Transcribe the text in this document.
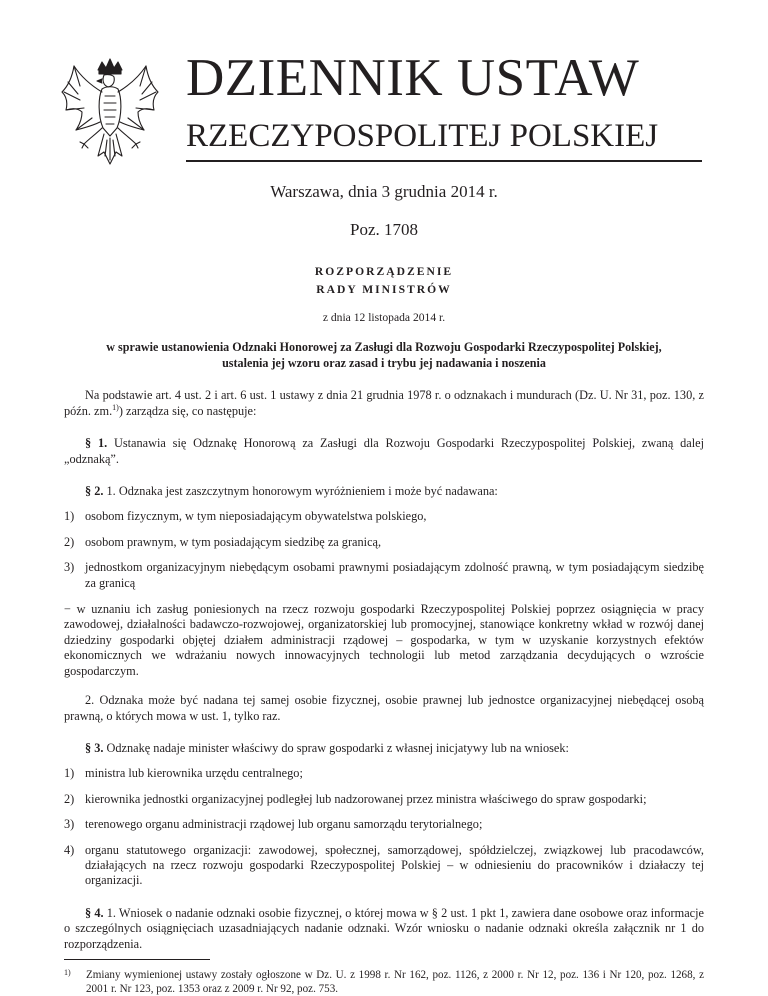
DZIENNIK USTAW
RZECZYPOSPOLITEJ POLSKIEJ
Warszawa, dnia 3 grudnia 2014 r.
Poz. 1708
ROZPORZĄDZENIE
RADY MINISTRÓW
z dnia 12 listopada 2014 r.
w sprawie ustanowienia Odznaki Honorowej za Zasługi dla Rozwoju Gospodarki Rzeczypospolitej Polskiej,
ustalenia jej wzoru oraz zasad i trybu jej nadawania i noszenia

Na podstawie art. 4 ust. 2 i art. 6 ust. 1 ustawy z dnia 21 grudnia 1978 r. o odznakach i mundurach (Dz. U. Nr 31, poz. 130, z późn. zm.$^{1)}$) zarządza się, co następuje:

§ 1. Ustanawia się Odznakę Honorową za Zasługi dla Rozwoju Gospodarki Rzeczypospolitej Polskiej, zwaną dalej „odznaką”.

§ 2. 1. Odznaka jest zaszczytnym honorowym wyróżnieniem i może być nadawana:

1) osobom fizycznym, w tym nieposiadającym obywatelstwa polskiego,
2) osobom prawnym, w tym posiadającym siedzibę za granicą,
3) jednostkom organizacyjnym niebędącym osobami prawnymi posiadającym zdolność prawną, w tym posiadającym siedzibę za granicą

− w uznaniu ich zasług poniesionych na rzecz rozwoju gospodarki Rzeczypospolitej Polskiej poprzez osiągnięcia w pracy zawodowej, działalności badawczo-rozwojowej, organizatorskiej lub promocyjnej, stanowiące konkretny wkład w rozwój danej dziedziny gospodarki objętej działem administracji rządowej – gospodarka, w tym w uzyskanie korzystnych efektów ekonomicznych we wdrażaniu nowych innowacyjnych technologii lub metod zarządzania decydujących o wzroście gospodarczym.

2. Odznaka może być nadana tej samej osobie fizycznej, osobie prawnej lub jednostce organizacyjnej niebędącej osobą prawną, o których mowa w ust. 1, tylko raz.

§ 3. Odznakę nadaje minister właściwy do spraw gospodarki z własnej inicjatywy lub na wniosek:

1) ministra lub kierownika urzędu centralnego;
2) kierownika jednostki organizacyjnej podległej lub nadzorowanej przez ministra właściwego do spraw gospodarki;
3) terenowego organu administracji rządowej lub organu samorządu terytorialnego;
4) organu statutowego organizacji: zawodowej, społecznej, samorządowej, spółdzielczej, związkowej lub pracodawców, działających na rzecz rozwoju gospodarki Rzeczypospolitej Polskiej – w odniesieniu do pracowników i działaczy tej organizacji.

§ 4. 1. Wniosek o nadanie odznaki osobie fizycznej, o której mowa w § 2 ust. 1 pkt 1, zawiera dane osobowe oraz informacje o szczególnych osiągnięciach uzasadniających nadanie odznaki. Wzór wniosku o nadanie odznaki określa załącznik nr 1 do rozporządzenia.

1)	Zmiany wymienionej ustawy zostały ogłoszone w Dz. U. z 1998 r. Nr 162, poz. 1126, z 2000 r. Nr 12, poz. 136 i Nr 120, poz. 1268, z 2001 r. Nr 123, poz. 1353 oraz z 2009 r. Nr 92, poz. 753.
